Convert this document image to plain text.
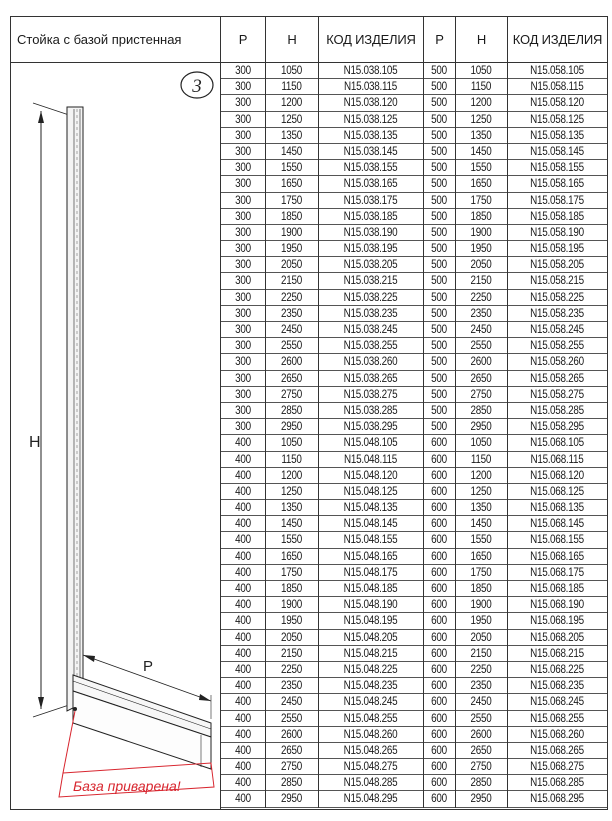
Стойка с базой пристенная	P	H	КОД ИЗДЕЛИЯ	P	H	КОД ИЗДЕЛИЯ
3
H
P
База приварена!
300	1050	N15.038.105	500	1050	N15.058.105
300	1150	N15.038.115	500	1150	N15.058.115
300	1200	N15.038.120	500	1200	N15.058.120
300	1250	N15.038.125	500	1250	N15.058.125
300	1350	N15.038.135	500	1350	N15.058.135
300	1450	N15.038.145	500	1450	N15.058.145
300	1550	N15.038.155	500	1550	N15.058.155
300	1650	N15.038.165	500	1650	N15.058.165
300	1750	N15.038.175	500	1750	N15.058.175
300	1850	N15.038.185	500	1850	N15.058.185
300	1900	N15.038.190	500	1900	N15.058.190
300	1950	N15.038.195	500	1950	N15.058.195
300	2050	N15.038.205	500	2050	N15.058.205
300	2150	N15.038.215	500	2150	N15.058.215
300	2250	N15.038.225	500	2250	N15.058.225
300	2350	N15.038.235	500	2350	N15.058.235
300	2450	N15.038.245	500	2450	N15.058.245
300	2550	N15.038.255	500	2550	N15.058.255
300	2600	N15.038.260	500	2600	N15.058.260
300	2650	N15.038.265	500	2650	N15.058.265
300	2750	N15.038.275	500	2750	N15.058.275
300	2850	N15.038.285	500	2850	N15.058.285
300	2950	N15.038.295	500	2950	N15.058.295
400	1050	N15.048.105	600	1050	N15.068.105
400	1150	N15.048.115	600	1150	N15.068.115
400	1200	N15.048.120	600	1200	N15.068.120
400	1250	N15.048.125	600	1250	N15.068.125
400	1350	N15.048.135	600	1350	N15.068.135
400	1450	N15.048.145	600	1450	N15.068.145
400	1550	N15.048.155	600	1550	N15.068.155
400	1650	N15.048.165	600	1650	N15.068.165
400	1750	N15.048.175	600	1750	N15.068.175
400	1850	N15.048.185	600	1850	N15.068.185
400	1900	N15.048.190	600	1900	N15.068.190
400	1950	N15.048.195	600	1950	N15.068.195
400	2050	N15.048.205	600	2050	N15.068.205
400	2150	N15.048.215	600	2150	N15.068.215
400	2250	N15.048.225	600	2250	N15.068.225
400	2350	N15.048.235	600	2350	N15.068.235
400	2450	N15.048.245	600	2450	N15.068.245
400	2550	N15.048.255	600	2550	N15.068.255
400	2600	N15.048.260	600	2600	N15.068.260
400	2650	N15.048.265	600	2650	N15.068.265
400	2750	N15.048.275	600	2750	N15.068.275
400	2850	N15.048.285	600	2850	N15.068.285
400	2950	N15.048.295	600	2950	N15.068.295
